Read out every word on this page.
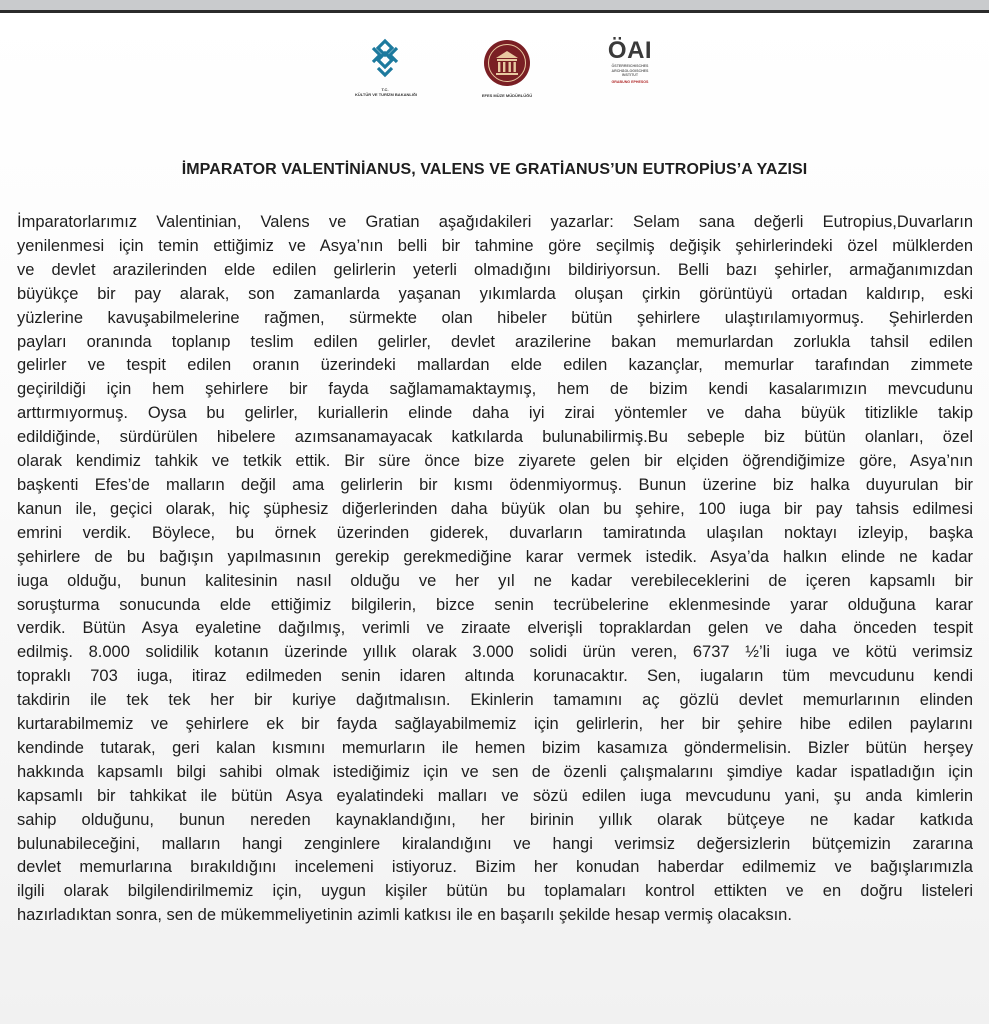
T.C.
KÜLTÜR VE TURİZM BAKANLIĞI	EFES MÜZE MÜDÜRLÜĞÜ
ÖAI
ÖSTERREICHISCHES
ARCHÄOLOGISCHES
INSTITUT
GRABUNG EPHESOS
İMPARATOR VALENTİNİANUS, VALENS VE GRATİANUS’UN EUTROPİUS’A YAZISI
İmparatorlarımız Valentinian, Valens ve Gratian aşağıdakileri yazarlar: Selam sana değerli Eutropius,Duvarların
yenilenmesi için temin ettiğimiz ve Asya’nın belli bir tahmine göre seçilmiş değişik şehirlerindeki özel mülklerden
ve devlet arazilerinden elde edilen gelirlerin yeterli olmadığını bildiriyorsun. Belli bazı şehirler, armağanımızdan
büyükçe bir pay alarak, son zamanlarda yaşanan yıkımlarda oluşan çirkin görüntüyü ortadan kaldırıp, eski
yüzlerine kavuşabilmelerine rağmen, sürmekte olan hibeler bütün şehirlere ulaştırılamıyormuş. Şehirlerden
payları oranında toplanıp teslim edilen gelirler, devlet arazilerine bakan memurlardan zorlukla tahsil edilen
gelirler ve tespit edilen oranın üzerindeki mallardan elde edilen kazançlar, memurlar tarafından zimmete
geçirildiği için hem şehirlere bir fayda sağlamamaktaymış, hem de bizim kendi kasalarımızın mevcudunu
arttırmıyormuş. Oysa bu gelirler, kuriallerin elinde daha iyi zirai yöntemler ve daha büyük titizlikle takip
edildiğinde, sürdürülen hibelere azımsanamayacak katkılarda bulunabilirmiş.Bu sebeple biz bütün olanları, özel
olarak kendimiz tahkik ve tetkik ettik. Bir süre önce bize ziyarete gelen bir elçiden öğrendiğimize göre, Asya’nın
başkenti Efes’de malların değil ama gelirlerin bir kısmı ödenmiyormuş. Bunun üzerine biz halka duyurulan bir
kanun ile, geçici olarak, hiç şüphesiz diğerlerinden daha büyük olan bu şehire, 100 iuga bir pay tahsis edilmesi
emrini verdik. Böylece, bu örnek üzerinden giderek, duvarların tamiratında ulaşılan noktayı izleyip, başka
şehirlere de bu bağışın yapılmasının gerekip gerekmediğine karar vermek istedik. Asya’da halkın elinde ne kadar
iuga olduğu, bunun kalitesinin nasıl olduğu ve her yıl ne kadar verebileceklerini de içeren kapsamlı bir
soruşturma sonucunda elde ettiğimiz bilgilerin, bizce senin tecrübelerine eklenmesinde yarar olduğuna karar
verdik. Bütün Asya eyaletine dağılmış, verimli ve ziraate elverişli topraklardan gelen ve daha önceden tespit
edilmiş. 8.000 solidilik kotanın üzerinde yıllık olarak 3.000 solidi ürün veren, 6737 ½’li iuga ve kötü verimsiz
topraklı 703 iuga, itiraz edilmeden senin idaren altında korunacaktır. Sen, iugaların tüm mevcudunu kendi
takdirin ile tek tek her bir kuriye dağıtmalısın. Ekinlerin tamamını aç gözlü devlet memurlarının elinden
kurtarabilmemiz ve şehirlere ek bir fayda sağlayabilmemiz için gelirlerin, her bir şehire hibe edilen paylarını
kendinde tutarak, geri kalan kısmını memurların ile hemen bizim kasamıza göndermelisin. Bizler bütün herşey
hakkında kapsamlı bilgi sahibi olmak istediğimiz için ve sen de özenli çalışmalarını şimdiye kadar ispatladığın için
kapsamlı bir tahkikat ile bütün Asya eyalatindeki malları ve sözü edilen iuga mevcudunu yani, şu anda kimlerin
sahip olduğunu, bunun nereden kaynaklandığını, her birinin yıllık olarak bütçeye ne kadar katkıda
bulunabileceğini, malların hangi zenginlere kiralandığını ve hangi verimsiz değersizlerin bütçemizin zararına
devlet memurlarına bırakıldığını incelemeni istiyoruz. Bizim her konudan haberdar edilmemiz ve bağışlarımızla
ilgili olarak bilgilendirilmemiz için, uygun kişiler bütün bu toplamaları kontrol ettikten ve en doğru listeleri
hazırladıktan sonra, sen de mükemmeliyetinin azimli katkısı ile en başarılı şekilde hesap vermiş olacaksın.
